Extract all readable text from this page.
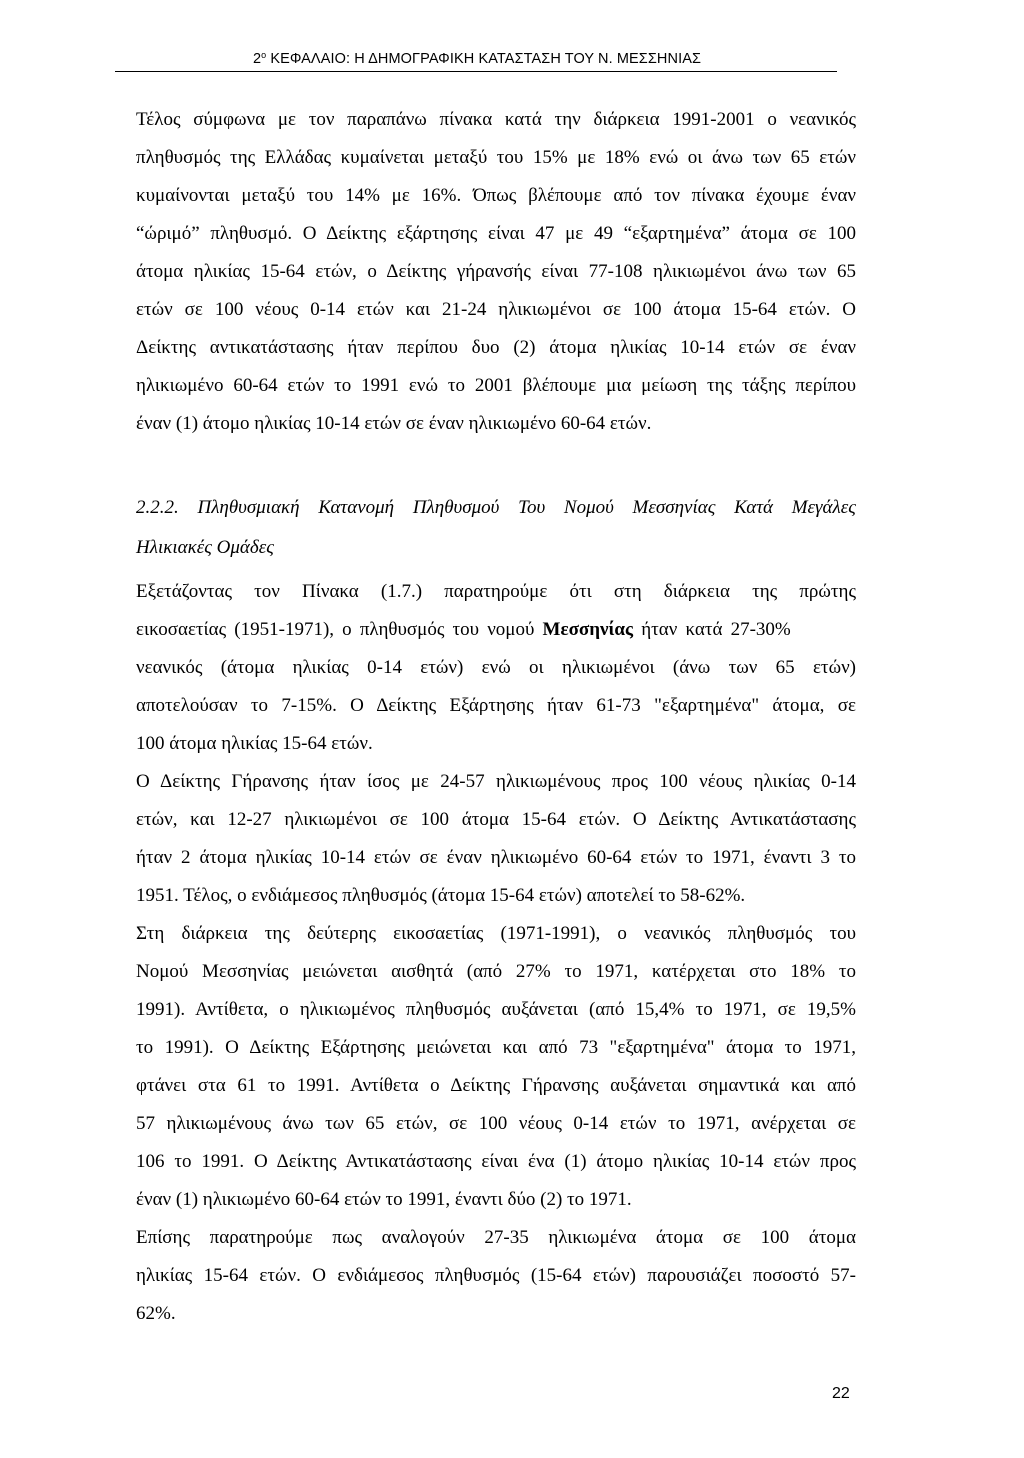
$2^o$ ΚΕΦΑΛΑΙΟ: Η ΔΗΜΟΓΡΑΦΙΚΗ ΚΑΤΑΣΤΑΣΗ ΤΟΥ Ν. ΜΕΣΣΗΝΙΑΣ
Τέλος σύμφωνα με τον παραπάνω πίνακα κατά την διάρκεια 1991-2001 ο νεανικός
πληθυσμός της Ελλάδας κυμαίνεται μεταξύ του 15% με 18% ενώ οι άνω των 65 ετών
κυμαίνονται μεταξύ του 14% με 16%. Όπως βλέπουμε από τον πίνακα έχουμε έναν
“ώριμό” πληθυσμό. Ο Δείκτης εξάρτησης είναι 47 με 49 “εξαρτημένα” άτομα σε 100
άτομα ηλικίας 15-64 ετών, ο Δείκτης γήρανσής είναι 77-108 ηλικιωμένοι άνω των 65
ετών σε 100 νέους 0-14 ετών και 21-24 ηλικιωμένοι σε 100 άτομα 15-64 ετών. Ο
Δείκτης αντικατάστασης ήταν περίπου δυο (2) άτομα ηλικίας 10-14 ετών σε έναν
ηλικιωμένο 60-64 ετών το 1991 ενώ το 2001 βλέπουμε μια μείωση της τάξης περίπου
έναν (1) άτομο ηλικίας 10-14 ετών σε έναν ηλικιωμένο 60-64 ετών.
2.2.2. Πληθυσμιακή Κατανομή Πληθυσμού Του Νομού Μεσσηνίας Κατά Μεγάλες
Ηλικιακές Ομάδες
Εξετάζοντας τον Πίνακα (1.7.) παρατηρούμε ότι στη διάρκεια της πρώτης
εικοσαετίας (1951-1971), ο πληθυσμός του νομού Μεσσηνίας ήταν κατά 27-30%
νεανικός (άτομα ηλικίας 0-14 ετών) ενώ οι ηλικιωμένοι (άνω των 65 ετών)
αποτελούσαν το 7-15%. Ο Δείκτης Εξάρτησης ήταν 61-73 "εξαρτημένα" άτομα, σε
100 άτομα ηλικίας 15-64 ετών.
Ο Δείκτης Γήρανσης ήταν ίσος με 24-57 ηλικιωμένους προς 100 νέους ηλικίας 0-14
ετών, και 12-27 ηλικιωμένοι σε 100 άτομα 15-64 ετών. Ο Δείκτης Αντικατάστασης
ήταν 2 άτομα ηλικίας 10-14 ετών σε έναν ηλικιωμένο 60-64 ετών το 1971, έναντι 3 το
1951. Τέλος, ο ενδιάμεσος πληθυσμός (άτομα 15-64 ετών) αποτελεί το 58-62%.
Στη διάρκεια της δεύτερης εικοσαετίας (1971-1991), ο νεανικός πληθυσμός του
Νομού Μεσσηνίας μειώνεται αισθητά (από 27% το 1971, κατέρχεται στο 18% το
1991). Αντίθετα, ο ηλικιωμένος πληθυσμός αυξάνεται (από 15,4% το 1971, σε 19,5%
το 1991). Ο Δείκτης Εξάρτησης μειώνεται και από 73 "εξαρτημένα" άτομα το 1971,
φτάνει στα 61 το 1991. Αντίθετα ο Δείκτης Γήρανσης αυξάνεται σημαντικά και από
57 ηλικιωμένους άνω των 65 ετών, σε 100 νέους 0-14 ετών το 1971, ανέρχεται σε
106 το 1991. Ο Δείκτης Αντικατάστασης είναι ένα (1) άτομο ηλικίας 10-14 ετών προς
έναν (1) ηλικιωμένο 60-64 ετών το 1991, έναντι δύο (2) το 1971.
Επίσης παρατηρούμε πως αναλογούν 27-35 ηλικιωμένα άτομα σε 100 άτομα
ηλικίας 15-64 ετών. Ο ενδιάμεσος πληθυσμός (15-64 ετών) παρουσιάζει ποσοστό 57-
62%.
22
